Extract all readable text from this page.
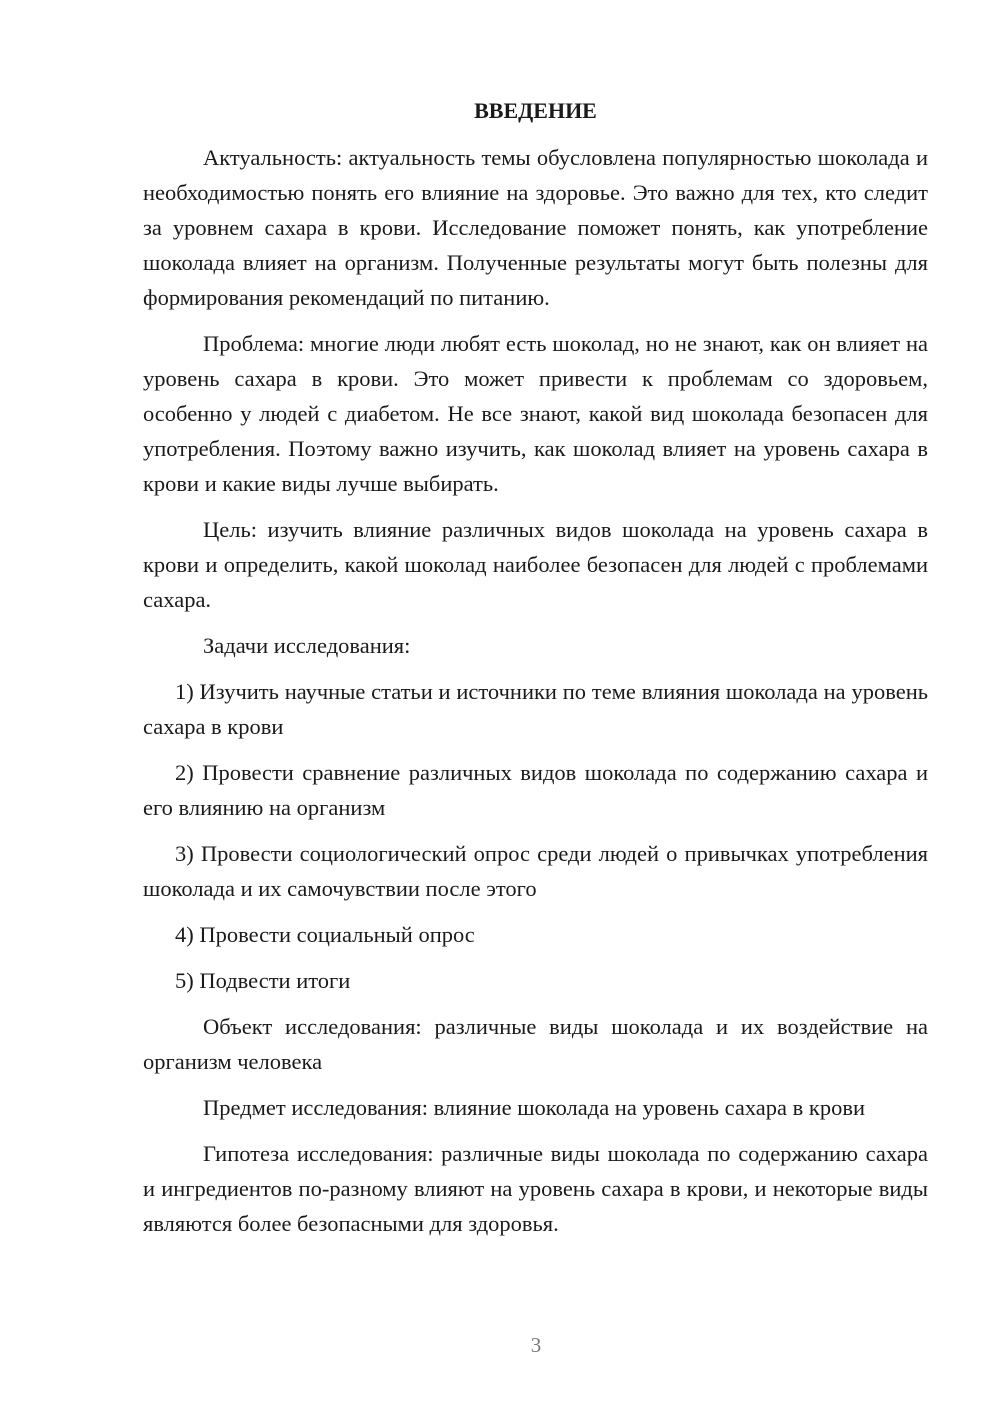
ВВЕДЕНИЕ

Актуальность: актуальность темы обусловлена популярностью шоколада и необходимостью понять его влияние на здоровье. Это важно для тех, кто следит за уровнем сахара в крови. Исследование поможет понять, как употребление шоколада влияет на организм. Полученные результаты могут быть полезны для формирования рекомендаций по питанию.

Проблема: многие люди любят есть шоколад, но не знают, как он влияет на уровень сахара в крови. Это может привести к проблемам со здоровьем, особенно у людей с диабетом. Не все знают, какой вид шоколада безопасен для употребления. Поэтому важно изучить, как шоколад влияет на уровень сахара в крови и какие виды лучше выбирать.

Цель: изучить влияние различных видов шоколада на уровень сахара в крови и определить, какой шоколад наиболее безопасен для людей с проблемами сахара.

Задачи исследования:

1) Изучить научные статьи и источники по теме влияния шоколада на уровень сахара в крови

2) Провести сравнение различных видов шоколада по содержанию сахара и его влиянию на организм

3) Провести социологический опрос среди людей о привычках употребления шоколада и их самочувствии после этого

4) Провести социальный опрос

5) Подвести итоги

Объект исследования: различные виды шоколада и их воздействие на организм человека

Предмет исследования: влияние шоколада на уровень сахара в крови

Гипотеза исследования: различные виды шоколада по содержанию сахара и ингредиентов по-разному влияют на уровень сахара в крови, и некоторые виды являются более безопасными для здоровья.

3
